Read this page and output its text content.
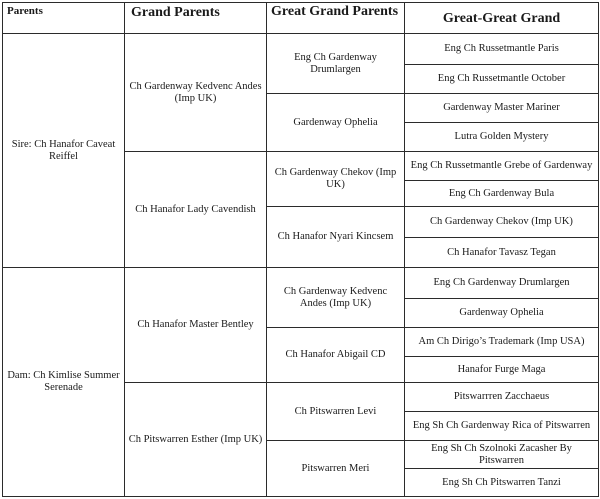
Parents	Grand Parents	Great Grand Parents	Great-Great Grand
Sire: Ch Hanafor Caveat Reiffel	Ch Gardenway Kedvenc Andes (Imp UK)	Eng Ch Gardenway Drumlargen	Eng Ch Russetmantle Paris
			Eng Ch Russetmantle October
		Gardenway Ophelia	Gardenway Master Mariner
			Lutra Golden Mystery
	Ch Hanafor Lady Cavendish	Ch Gardenway Chekov (Imp UK)	Eng Ch Russetmantle Grebe of Gardenway
			Eng Ch Gardenway Bula
		Ch Hanafor Nyari Kincsem	Ch Gardenway Chekov (Imp UK)
			Ch Hanafor Tavasz Tegan
Dam: Ch Kimlise Summer Serenade	Ch Hanafor Master Bentley	Ch Gardenway Kedvenc Andes (Imp UK)	Eng Ch Gardenway Drumlargen
			Gardenway Ophelia
		Ch Hanafor Abigail CD	Am Ch Dirigo’s Trademark (Imp USA)
			Hanafor Furge Maga
	Ch Pitswarren Esther (Imp UK)	Ch Pitswarren Levi	Pitswarrren Zacchaeus
			Eng Sh Ch Gardenway Rica of Pitswarren
		Pitswarren Meri	Eng Sh Ch Szolnoki Zacasher By Pitswarren
			Eng Sh Ch Pitswarren Tanzi
